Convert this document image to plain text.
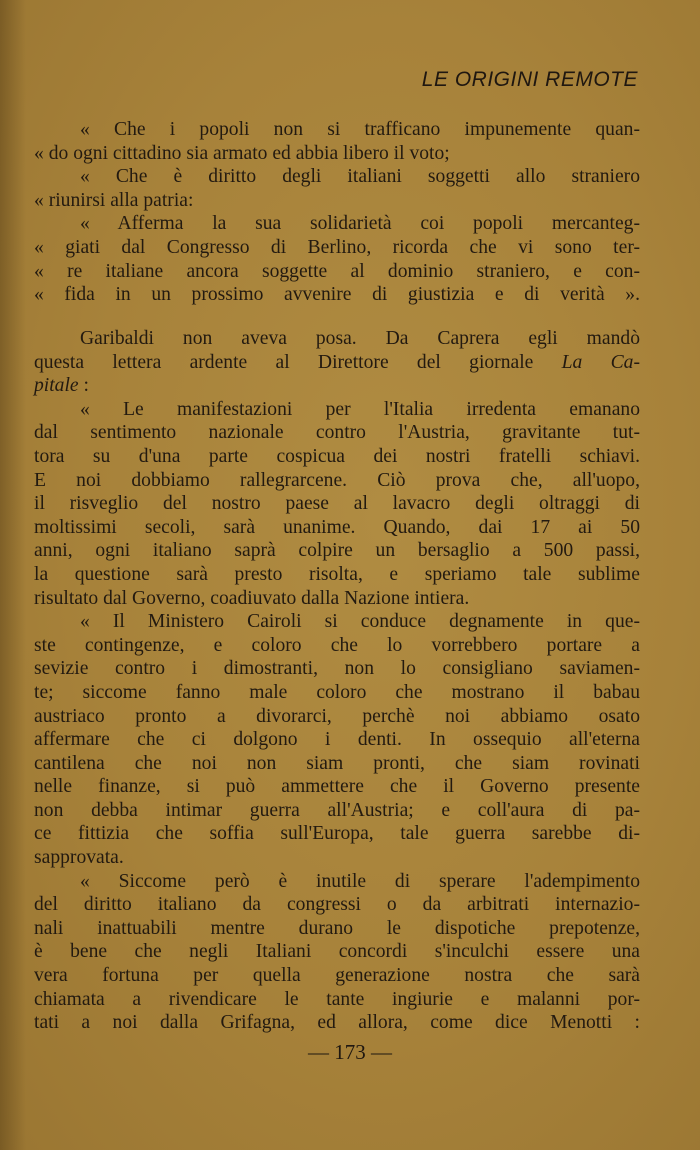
LE ORIGINI REMOTE
« Che i popoli non si trafficano impunemente quan-
« do ogni cittadino sia armato ed abbia libero il voto;
« Che è diritto degli italiani soggetti allo straniero
« riunirsi alla patria:
« Afferma la sua solidarietà coi popoli mercanteg-
« giati dal Congresso di Berlino, ricorda che vi sono ter-
« re italiane ancora soggette al dominio straniero, e con-
« fida in un prossimo avvenire di giustizia e di verità ».
Garibaldi non aveva posa. Da Caprera egli mandò
questa lettera ardente al Direttore del giornale La Ca-
pitale :
« Le manifestazioni per l'Italia irredenta emanano
dal sentimento nazionale contro l'Austria, gravitante tut-
tora su d'una parte cospicua dei nostri fratelli schiavi.
E noi dobbiamo rallegrarcene. Ciò prova che, all'uopo,
il risveglio del nostro paese al lavacro degli oltraggi di
moltissimi secoli, sarà unanime. Quando, dai 17 ai 50
anni, ogni italiano saprà colpire un bersaglio a 500 passi,
la questione sarà presto risolta, e speriamo tale sublime
risultato dal Governo, coadiuvato dalla Nazione intiera.
« Il Ministero Cairoli si conduce degnamente in que-
ste contingenze, e coloro che lo vorrebbero portare a
sevizie contro i dimostranti, non lo consigliano saviamen-
te; siccome fanno male coloro che mostrano il babau
austriaco pronto a divorarci, perchè noi abbiamo osato
affermare che ci dolgono i denti. In ossequio all'eterna
cantilena che noi non siam pronti, che siam rovinati
nelle finanze, si può ammettere che il Governo presente
non debba intimar guerra all'Austria; e coll'aura di pa-
ce fittizia che soffia sull'Europa, tale guerra sarebbe di-
sapprovata.
« Siccome però è inutile di sperare l'adempimento
del diritto italiano da congressi o da arbitrati internazio-
nali inattuabili mentre durano le dispotiche prepotenze,
è bene che negli Italiani concordi s'inculchi essere una
vera fortuna per quella generazione nostra che sarà
chiamata a rivendicare le tante ingiurie e malanni por-
tati a noi dalla Grifagna, ed allora, come dice Menotti :
— 173 —
